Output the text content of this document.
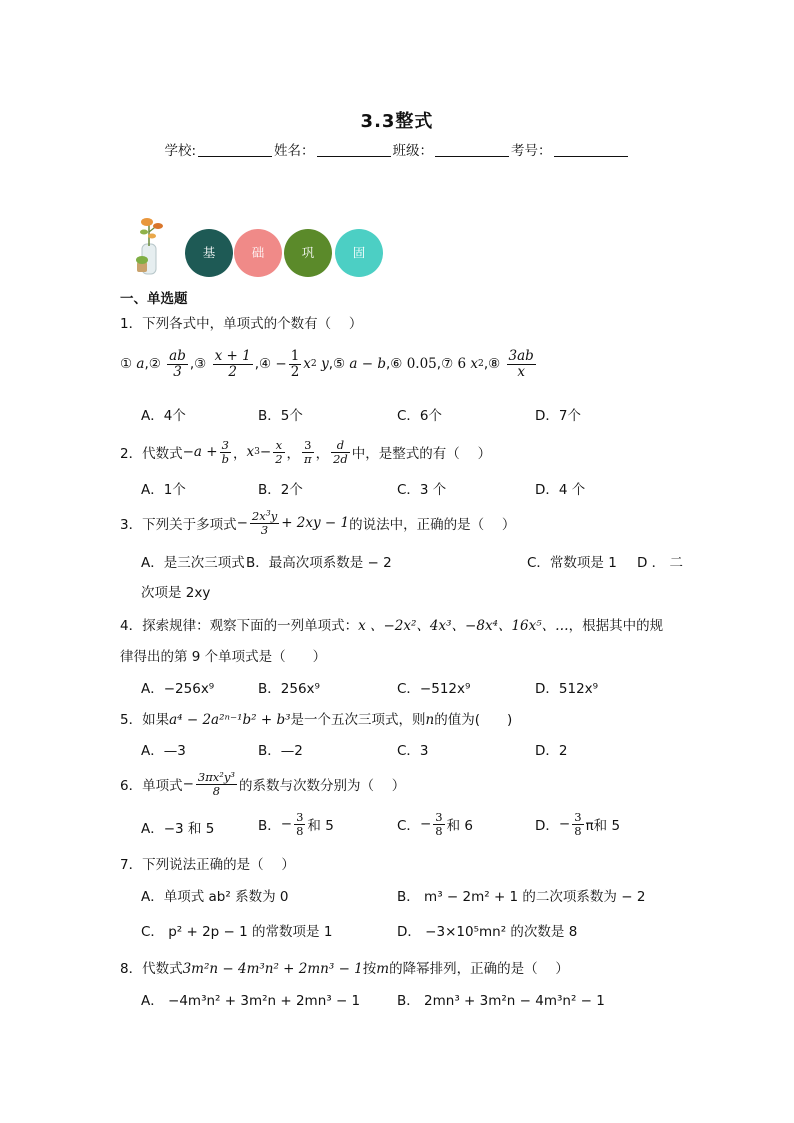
3.3整式
学校:	姓名：	班级：	考号：
基	础	巩	固
一、单选题
1．下列各式中，单项式的个数有（　 ）
①
a , ②
$\frac{ab}{3}$ , ③
$\frac{x + 1}{2}$ , ④
− $\frac{1}{2}$ x 2
y , ⑤
a − b , ⑥
0.05 , ⑦
6
x 2 , ⑧
$\frac{3ab}{x}$
A．4个	B．5个	C．6个	D．7个
2．代数式 $-a + \frac{3}{b}$ ， x $3 - \frac{x}{2}$ ， $\frac{3}{\pi}$ ， $\frac{d}{2d}$ 中，是整式的有（　 ）
A．1个	B．2个	C．3 个	D．4 个
3．下列关于多项式 − $\frac{2x^3y}{3} + 2xy - 1$ 的说法中，正确的是（　 ）
A．是三次三项式 B．最高次项系数是 − 2	C．常数项是 1 D ． 二
次项是 2xy
4．探索规律：观察下面的一列单项式：x 、−2x²、4x³、−8x⁴、16x⁵、…，根据其中的规
律得出的第 9 个单项式是（　　）
A．−256x⁹	B．256x⁹	C．−512x⁹	D．512x⁹
5．如果a⁴ − 2a²ⁿ⁻¹b² + b³是一个五次三项式，则n的值为(　　)
A．—3	B．—2	C．3	D．2
6．单项式 − $\frac{\text{3πx²y³}}{8}$ 的系数与次数分别为（　 ）
A．−3 和 5	B． − $\frac{3}{8}$ 和 5	C． − $\frac{3}{8}$ 和 6	D． − $\frac{3}{8}$ π和 5
7．下列说法正确的是（　 ）
A．单项式 ab² 系数为 0	B． m³ − 2m² + 1 的二次项系数为 − 2
C． p² + 2p − 1 的常数项是 1	D． −3×10⁵mn² 的次数是 8
8．代数式3m²n − 4m³n² + 2mn³ − 1按m的降幂排列，正确的是（　 ）
A． −4m³n² + 3m²n + 2mn³ − 1	B． 2mn³ + 3m²n − 4m³n² − 1
